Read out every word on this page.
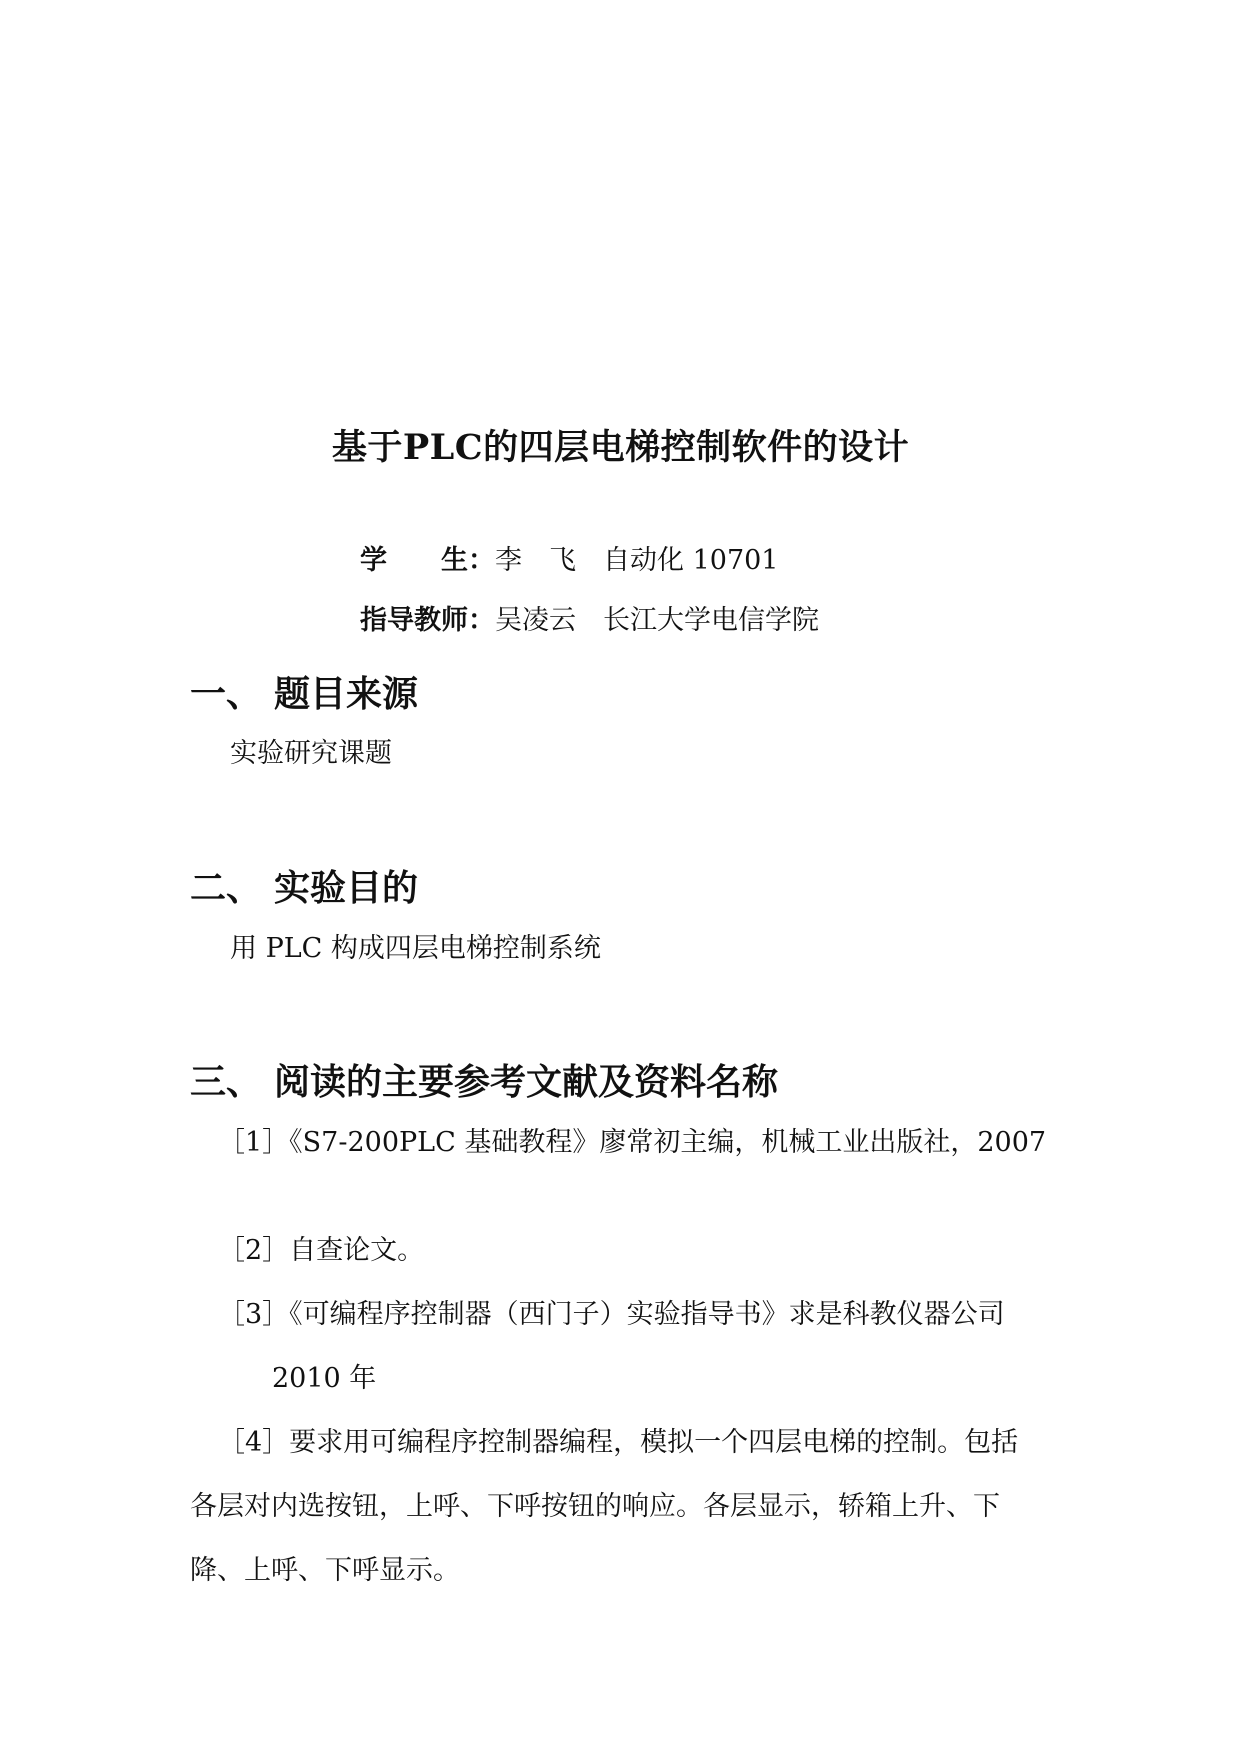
基于PLC的四层电梯控制软件的设计
学　　生：李　飞　自动化 10701
指导教师：吴凌云　长江大学电信学院
一、 题目来源
实验研究课题
二、 实验目的
用 PLC 构成四层电梯控制系统
三、 阅读的主要参考文献及资料名称
［1］《S7-200PLC 基础教程》廖常初主编，机械工业出版社，2007
［2］自查论文。
［3］《可编程序控制器（西门子）实验指导书》求是科教仪器公司
2010 年
［4］要求用可编程序控制器编程，模拟一个四层电梯的控制。包括
各层对内选按钮，上呼、下呼按钮的响应。各层显示，轿箱上升、下
降、上呼、下呼显示。
